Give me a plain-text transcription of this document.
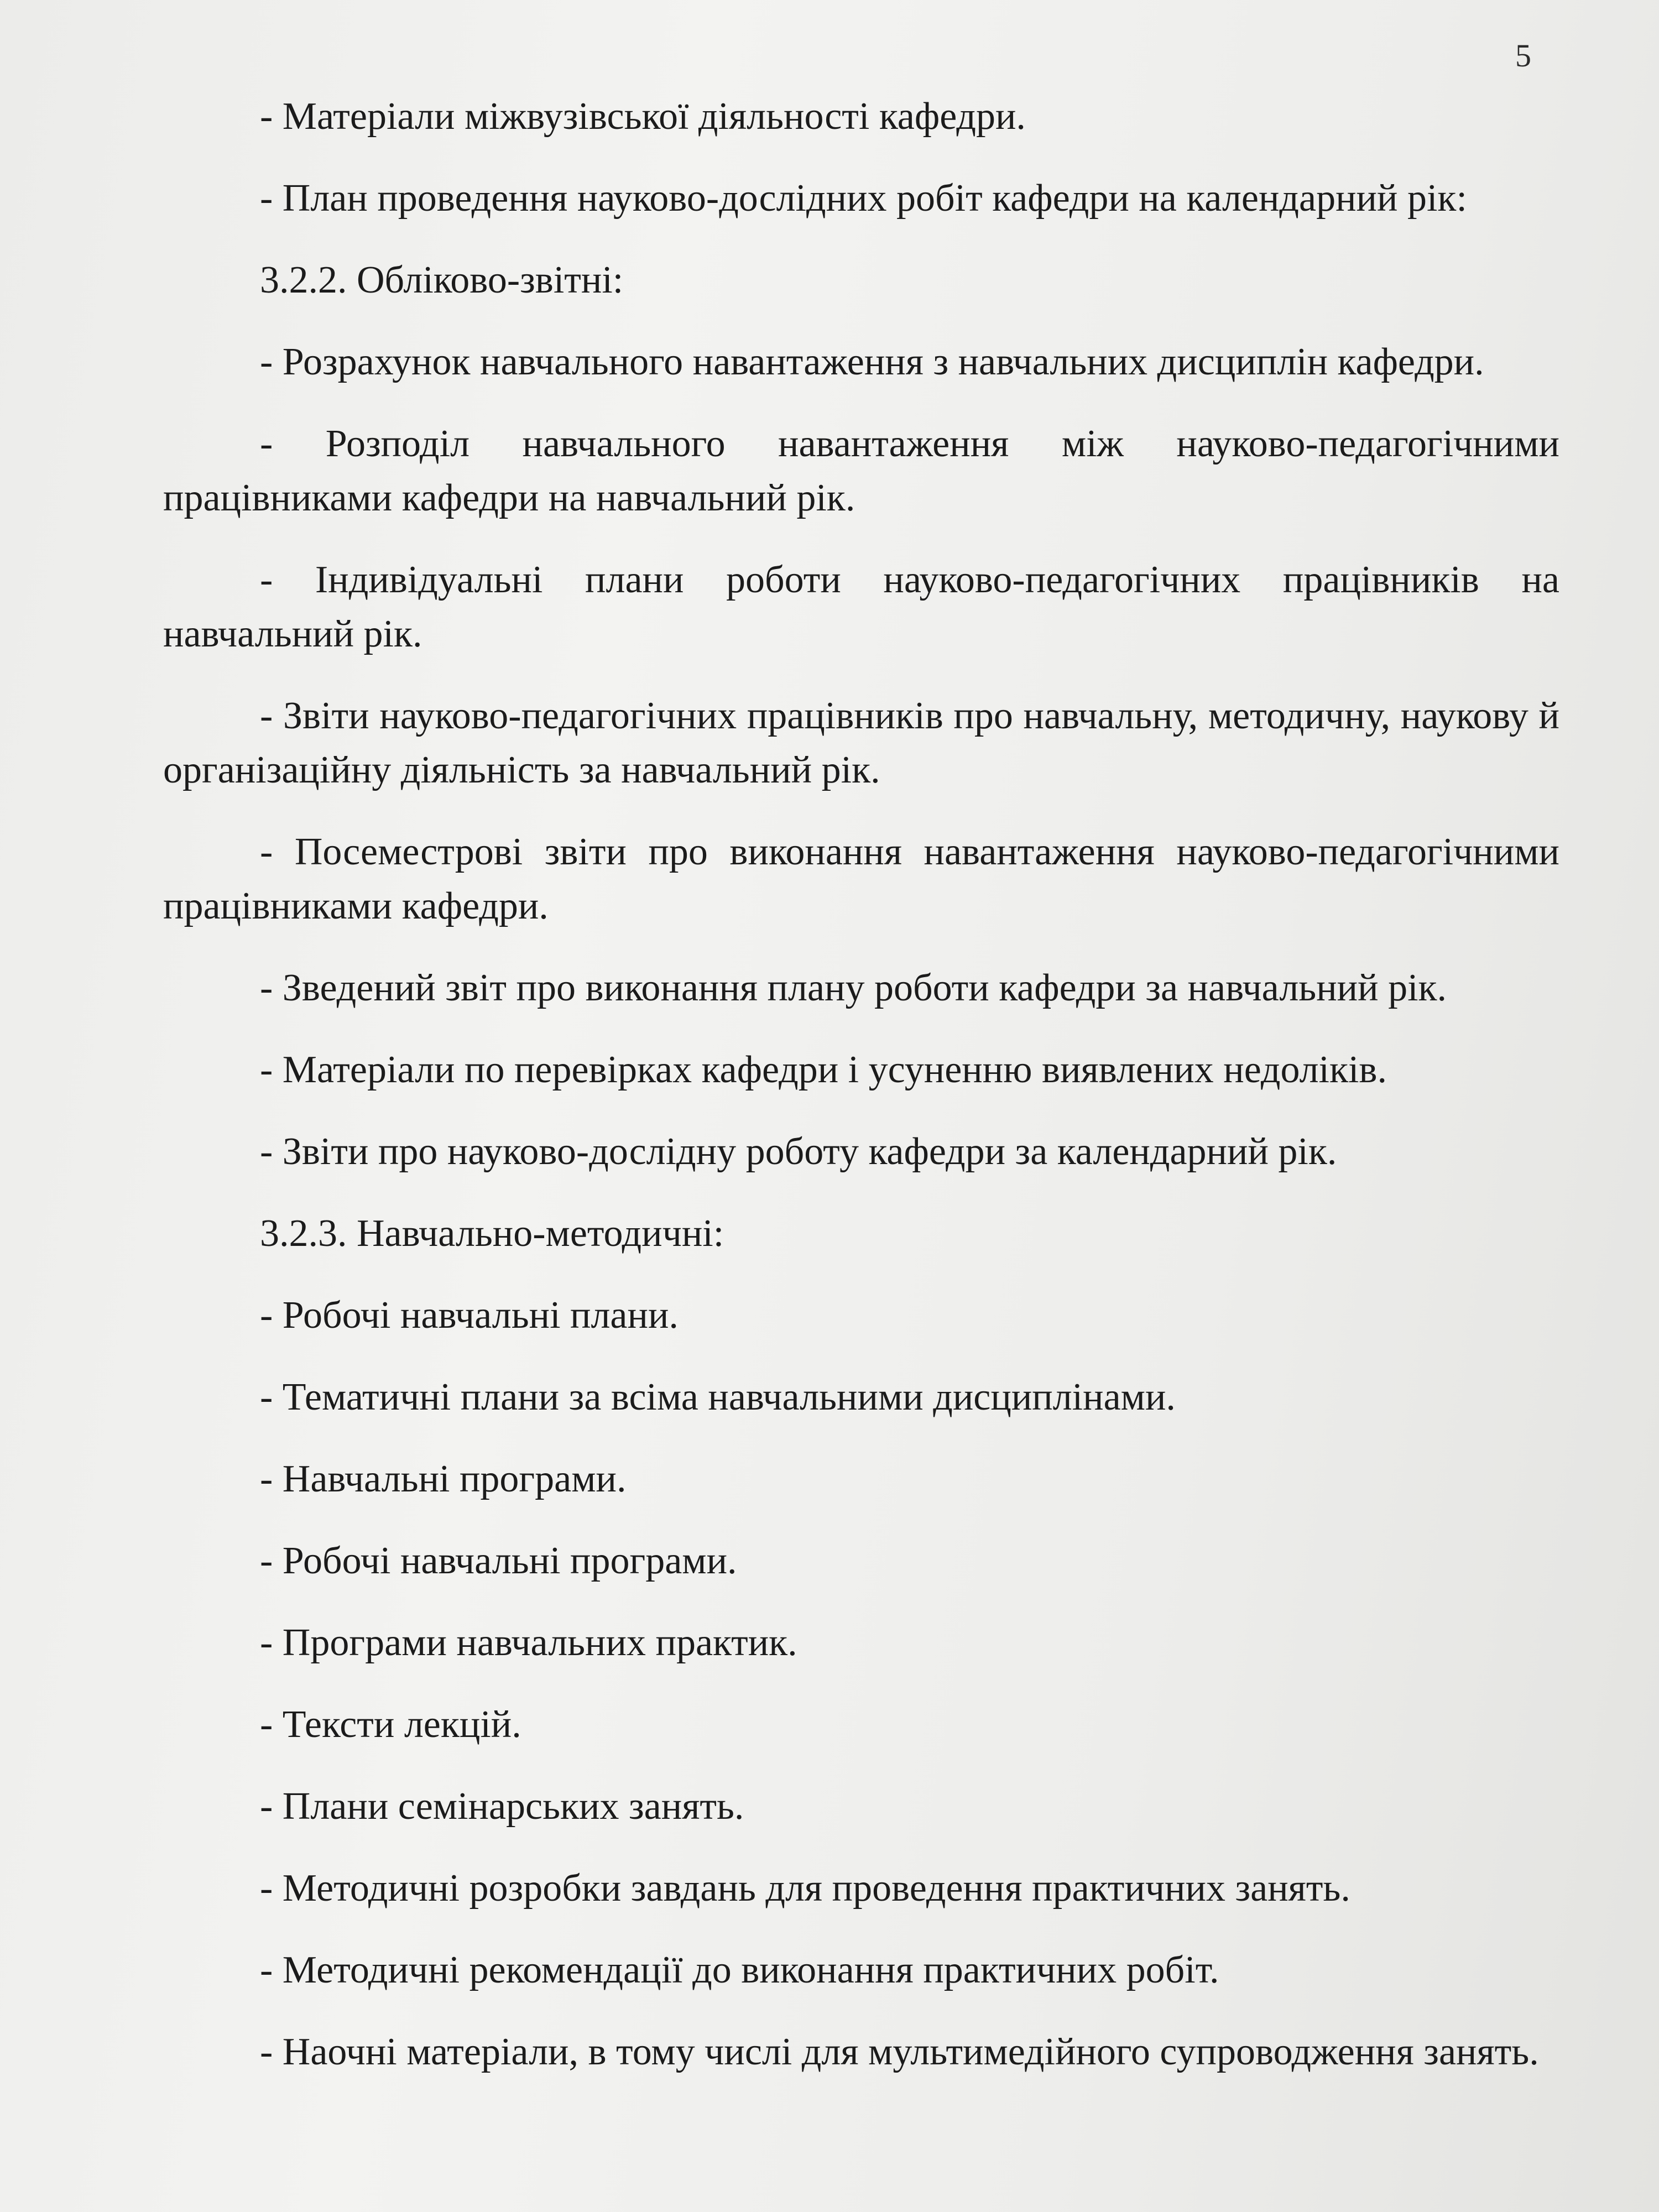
5

- Матеріали міжвузівської діяльності кафедри.

- План проведення науково-дослідних робіт кафедри на календарний рік:

3.2.2. Обліково-звітні:

- Розрахунок навчального навантаження з навчальних дисциплін кафедри.

- Розподіл навчального навантаження між науково-педагогічними працівниками кафедри на навчальний рік.

- Індивідуальні плани роботи науково-педагогічних працівників на навчальний рік.

- Звіти науково-педагогічних працівників про навчальну, методичну, наукову й організаційну діяльність за навчальний рік.

- Посеместрові звіти про виконання навантаження науково-педагогічними працівниками кафедри.

- Зведений звіт про виконання плану роботи кафедри за навчальний рік.

- Матеріали по перевірках кафедри і усуненню виявлених недоліків.

- Звіти про науково-дослідну роботу кафедри за календарний рік.

3.2.3. Навчально-методичні:

- Робочі навчальні плани.

- Тематичні плани за всіма навчальними дисциплінами.

- Навчальні програми.

- Робочі навчальні програми.

- Програми навчальних практик.

- Тексти лекцій.

- Плани семінарських занять.

- Методичні розробки завдань для проведення практичних занять.

- Методичні рекомендації до виконання практичних робіт.

- Наочні матеріали, в тому числі для мультимедійного супроводження занять.
